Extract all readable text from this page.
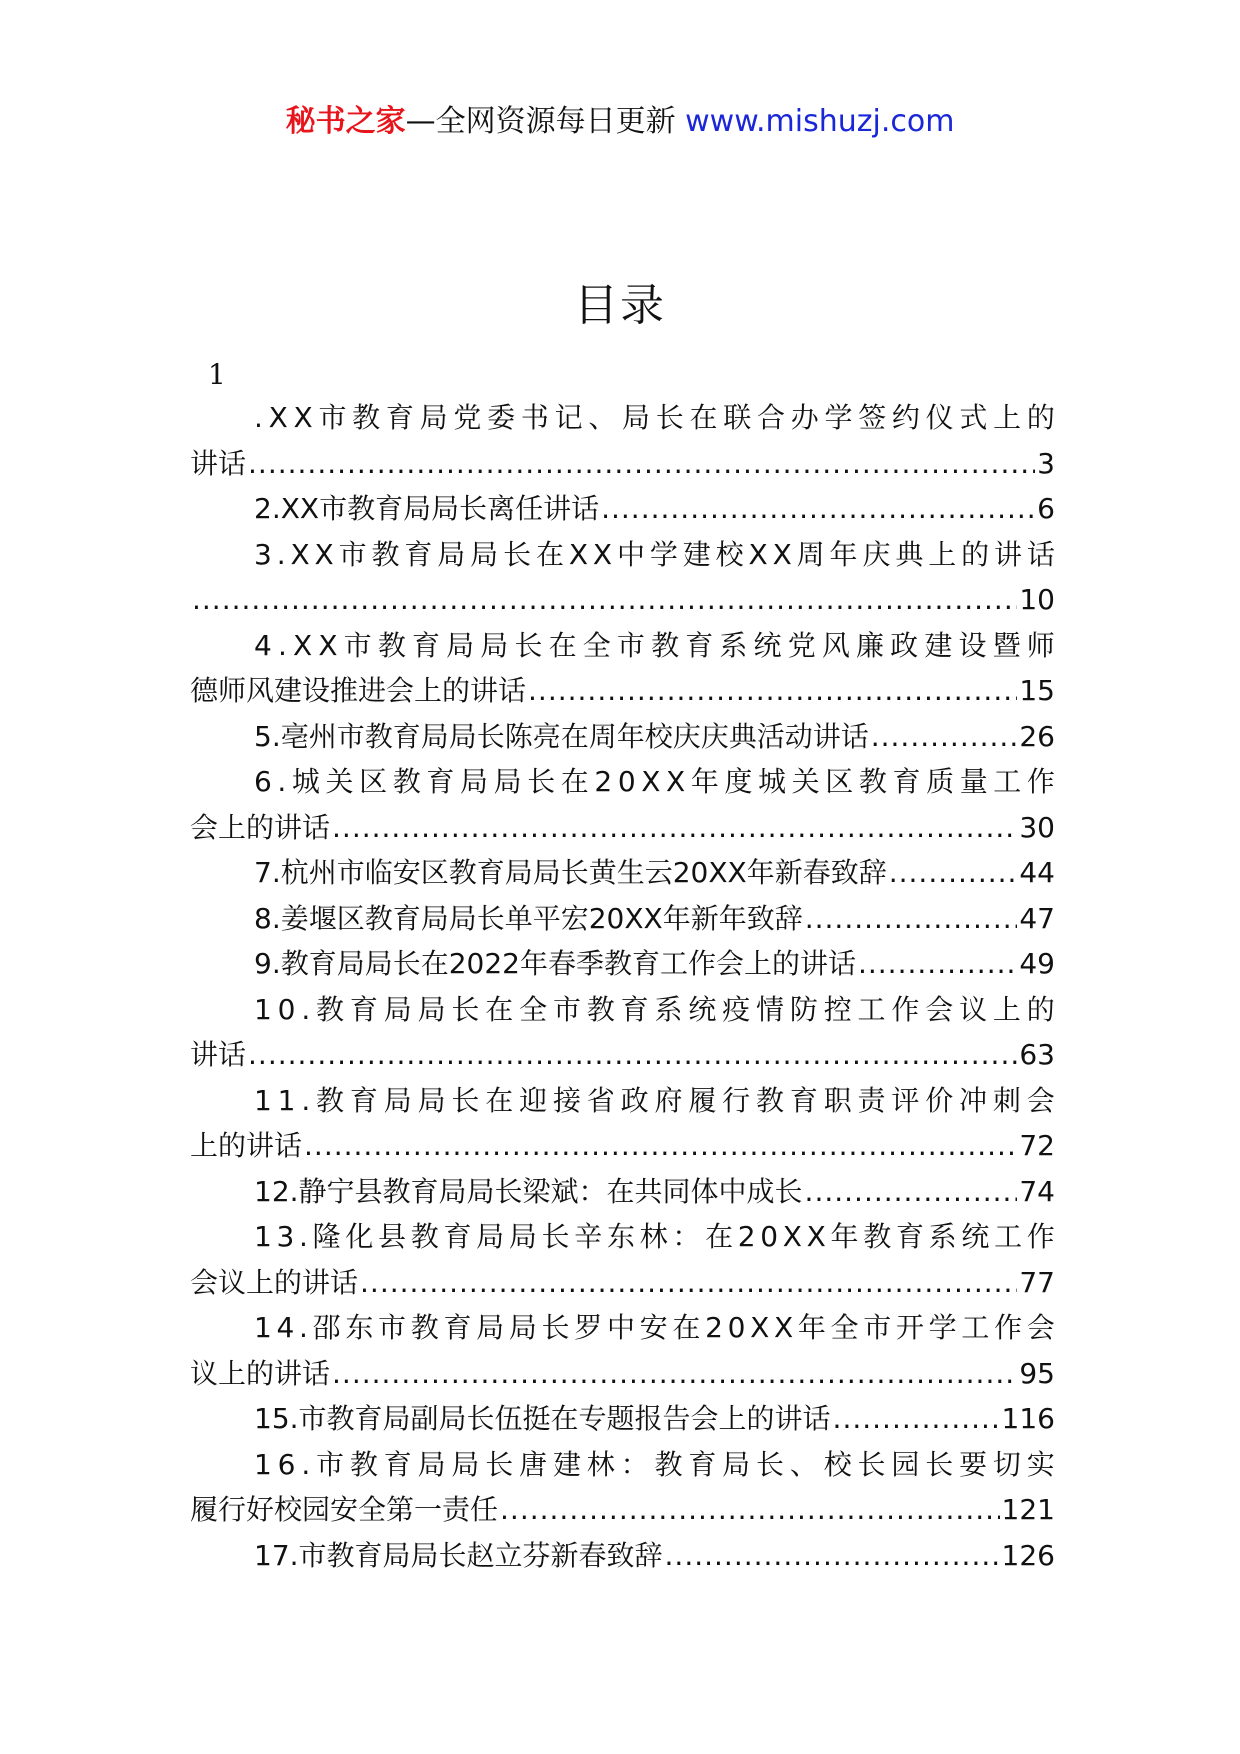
秘书之家—全网资源每日更新 www.mishuzj.com
目录
1
. X X 市 教 育 局 党 委 书 记 、 局 长 在 联 合 办 学 签 约 仪 式 上 的
讲话 .....	3
2.XX市教育局局长离任讲话 .....	6
3 . X X 市 教 育 局 局 长 在 X X 中 学 建 校 X X 周 年 庆 典 上 的 讲 话
.....
10
4 . X X 市 教 育 局 局 长 在 全 市 教 育 系 统 党 风 廉 政 建 设 暨 师
德师风建设推进会上的讲话 .....	15
5.亳州市教育局局长陈亮在周年校庆庆典活动讲话 .....	26
6 . 城 关 区 教 育 局 局 长 在 2 0 X X 年 度 城 关 区 教 育 质 量 工 作
会上的讲话 .....	30
7.杭州市临安区教育局局长黄生云20XX年新春致辞 .....	44
8.姜堰区教育局局长单平宏20XX年新年致辞 .....	47
9.教育局局长在2022年春季教育工作会上的讲话 .....	49
1 0 . 教 育 局 局 长 在 全 市 教 育 系 统 疫 情 防 控 工 作 会 议 上 的
讲话 .....	63
1 1 . 教 育 局 局 长 在 迎 接 省 政 府 履 行 教 育 职 责 评 价 冲 刺 会
上的讲话 .....	72
12.静宁县教育局局长梁斌：在共同体中成长 .....	74
1 3 . 隆 化 县 教 育 局 局 长 辛 东 林 ： 在 2 0 X X 年 教 育 系 统 工 作
会议上的讲话 .....	77
1 4 . 邵 东 市 教 育 局 局 长 罗 中 安 在 2 0 X X 年 全 市 开 学 工 作 会
议上的讲话 .....	95
15.市教育局副局长伍挺在专题报告会上的讲话 .....	116
1 6 . 市 教 育 局 局 长 唐 建 林 ： 教 育 局 长 、 校 长 园 长 要 切 实
履行好校园安全第一责任 .....	121
17.市教育局局长赵立芬新春致辞 .....	126
